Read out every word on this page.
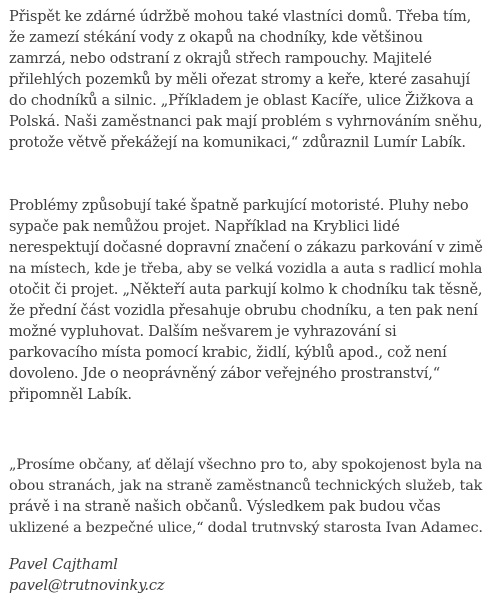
Přispět ke zdárné údržbě mohou také vlastníci domů. Třeba tím,
že zamezí stékání vody z okapů na chodníky, kde většinou
zamrzá, nebo odstraní z okrajů střech rampouchy. Majitelé
přilehlých pozemků by měli ořezat stromy a keře, které zasahují
do chodníků a silnic. „Příkladem je oblast Kacíře, ulice Žižkova a
Polská. Naši zaměstnanci pak mají problém s vyhrnováním sněhu,
protože větvě překážejí na komunikaci,“ zdůraznil Lumír Labík.

Problémy způsobují také špatně parkující motoristé. Pluhy nebo
sypače pak nemůžou projet. Například na Kryblici lidé
nerespektují dočasné dopravní značení o zákazu parkování v zimě
na místech, kde je třeba, aby se velká vozidla a auta s radlicí mohla
otočit či projet. „Někteří auta parkují kolmo k chodníku tak těsně,
že přední část vozidla přesahuje obrubu chodníku, a ten pak není
možné vypluhovat. Dalším nešvarem je vyhrazování si
parkovacího místa pomocí krabic, židlí, kýblů apod., což není
dovoleno. Jde o neoprávněný zábor veřejného prostranství,“
připomněl Labík.

„Prosíme občany, ať dělají všechno pro to, aby spokojenost byla na
obou stranách, jak na straně zaměstnanců technických služeb, tak
právě i na straně našich občanů. Výsledkem pak budou včas
uklizené a bezpečné ulice,“ dodal trutnvský starosta Ivan Adamec.

Pavel Cajthaml
pavel@trutnovinky.cz
